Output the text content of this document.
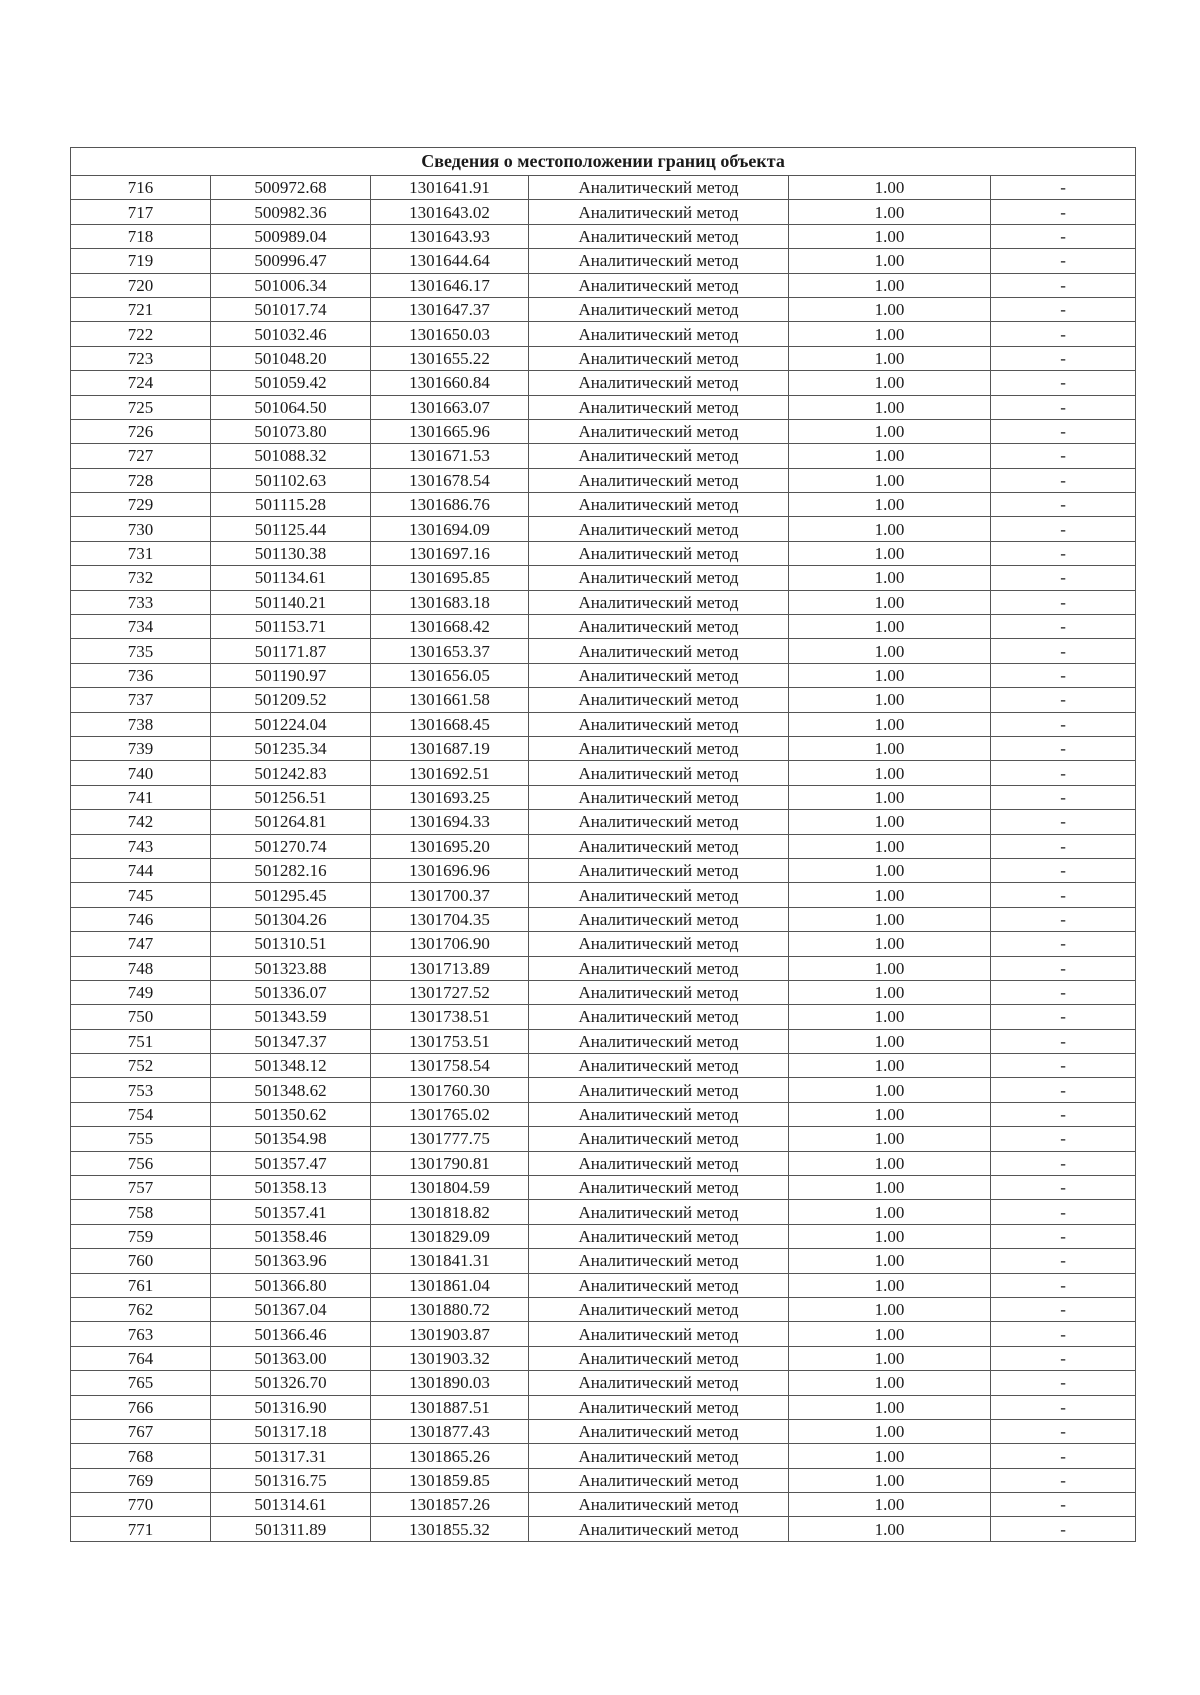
Сведения о местоположении границ объекта					
716	500972.68	1301641.91	Аналитический метод	1.00	-
717	500982.36	1301643.02	Аналитический метод	1.00	-
718	500989.04	1301643.93	Аналитический метод	1.00	-
719	500996.47	1301644.64	Аналитический метод	1.00	-
720	501006.34	1301646.17	Аналитический метод	1.00	-
721	501017.74	1301647.37	Аналитический метод	1.00	-
722	501032.46	1301650.03	Аналитический метод	1.00	-
723	501048.20	1301655.22	Аналитический метод	1.00	-
724	501059.42	1301660.84	Аналитический метод	1.00	-
725	501064.50	1301663.07	Аналитический метод	1.00	-
726	501073.80	1301665.96	Аналитический метод	1.00	-
727	501088.32	1301671.53	Аналитический метод	1.00	-
728	501102.63	1301678.54	Аналитический метод	1.00	-
729	501115.28	1301686.76	Аналитический метод	1.00	-
730	501125.44	1301694.09	Аналитический метод	1.00	-
731	501130.38	1301697.16	Аналитический метод	1.00	-
732	501134.61	1301695.85	Аналитический метод	1.00	-
733	501140.21	1301683.18	Аналитический метод	1.00	-
734	501153.71	1301668.42	Аналитический метод	1.00	-
735	501171.87	1301653.37	Аналитический метод	1.00	-
736	501190.97	1301656.05	Аналитический метод	1.00	-
737	501209.52	1301661.58	Аналитический метод	1.00	-
738	501224.04	1301668.45	Аналитический метод	1.00	-
739	501235.34	1301687.19	Аналитический метод	1.00	-
740	501242.83	1301692.51	Аналитический метод	1.00	-
741	501256.51	1301693.25	Аналитический метод	1.00	-
742	501264.81	1301694.33	Аналитический метод	1.00	-
743	501270.74	1301695.20	Аналитический метод	1.00	-
744	501282.16	1301696.96	Аналитический метод	1.00	-
745	501295.45	1301700.37	Аналитический метод	1.00	-
746	501304.26	1301704.35	Аналитический метод	1.00	-
747	501310.51	1301706.90	Аналитический метод	1.00	-
748	501323.88	1301713.89	Аналитический метод	1.00	-
749	501336.07	1301727.52	Аналитический метод	1.00	-
750	501343.59	1301738.51	Аналитический метод	1.00	-
751	501347.37	1301753.51	Аналитический метод	1.00	-
752	501348.12	1301758.54	Аналитический метод	1.00	-
753	501348.62	1301760.30	Аналитический метод	1.00	-
754	501350.62	1301765.02	Аналитический метод	1.00	-
755	501354.98	1301777.75	Аналитический метод	1.00	-
756	501357.47	1301790.81	Аналитический метод	1.00	-
757	501358.13	1301804.59	Аналитический метод	1.00	-
758	501357.41	1301818.82	Аналитический метод	1.00	-
759	501358.46	1301829.09	Аналитический метод	1.00	-
760	501363.96	1301841.31	Аналитический метод	1.00	-
761	501366.80	1301861.04	Аналитический метод	1.00	-
762	501367.04	1301880.72	Аналитический метод	1.00	-
763	501366.46	1301903.87	Аналитический метод	1.00	-
764	501363.00	1301903.32	Аналитический метод	1.00	-
765	501326.70	1301890.03	Аналитический метод	1.00	-
766	501316.90	1301887.51	Аналитический метод	1.00	-
767	501317.18	1301877.43	Аналитический метод	1.00	-
768	501317.31	1301865.26	Аналитический метод	1.00	-
769	501316.75	1301859.85	Аналитический метод	1.00	-
770	501314.61	1301857.26	Аналитический метод	1.00	-
771	501311.89	1301855.32	Аналитический метод	1.00	-
